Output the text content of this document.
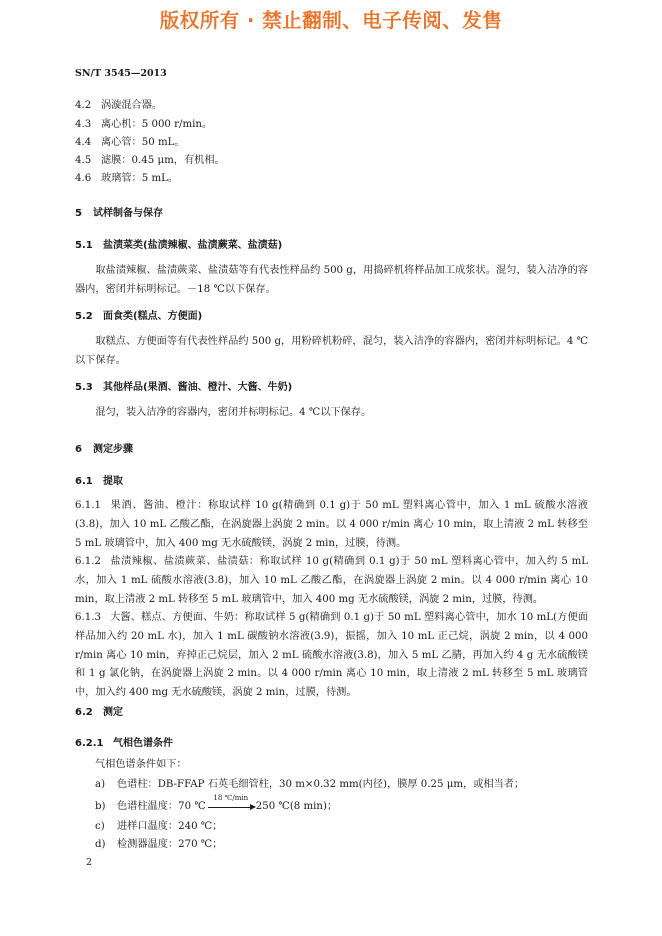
版权所有 · 禁止翻制、电子传阅、发售
SN/T 3545—2013
4.2 涡漩混合器。
4.3 离心机：5 000 r/min。
4.4 离心管：50 mL。
4.5 滤膜：0.45 μm，有机相。
4.6 玻璃管：5 mL。
5 试样制备与保存
5.1 盐渍菜类(盐渍辣椒、盐渍蕨菜、盐渍菇)

取盐渍辣椒、盐渍蕨菜、盐渍菇等有代表性样品约 500 g，用捣碎机将样品加工成浆状。混匀，装入洁净的容器内，密闭并标明标记。－18 ℃以下保存。

5.2 面食类(糕点、方便面)

取糕点、方便面等有代表性样品约 500 g，用粉碎机粉碎，混匀，装入洁净的容器内，密闭并标明标记。4 ℃以下保存。

5.3 其他样品(果酒、酱油、橙汁、大酱、牛奶)

混匀，装入洁净的容器内，密闭并标明标记。4 ℃以下保存。

6 测定步骤
6.1 提取

6.1.1 果酒、酱油、橙汁：称取试样 10 g(精确到 0.1 g)于 50 mL 塑料离心管中，加入 1 mL 硫酸水溶液(3.8)，加入 10 mL 乙酸乙酯，在涡旋器上涡旋 2 min。以 4 000 r/min 离心 10 min，取上清液 2 mL 转移至 5 mL 玻璃管中，加入 400 mg 无水硫酸镁，涡旋 2 min，过膜，待测。

6.1.2 盐渍辣椒、盐渍蕨菜、盐渍菇：称取试样 10 g(精确到 0.1 g)于 50 mL 塑料离心管中，加入约 5 mL 水，加入 1 mL 硫酸水溶液(3.8)，加入 10 mL 乙酸乙酯，在涡旋器上涡旋 2 min。以 4 000 r/min 离心 10 min，取上清液 2 mL 转移至 5 mL 玻璃管中，加入 400 mg 无水硫酸镁，涡旋 2 min，过膜，待测。

6.1.3 大酱、糕点、方便面、牛奶：称取试样 5 g(精确到 0.1 g)于 50 mL 塑料离心管中，加水 10 mL(方便面样品加入约 20 mL 水)，加入 1 mL 碳酸钠水溶液(3.9)，振摇，加入 10 mL 正己烷，涡旋 2 min，以 4 000 r/min 离心 10 min，弃掉正己烷层，加入 2 mL 硫酸水溶液(3.8)，加入 5 mL 乙腈，再加入约 4 g 无水硫酸镁和 1 g 氯化钠，在涡旋器上涡旋 2 min。以 4 000 r/min 离心 10 min，取上清液 2 mL 转移至 5 mL 玻璃管中，加入约 400 mg 无水硫酸镁，涡旋 2 min，过膜，待测。

6.2 测定
6.2.1 气相色谱条件
气相色谱条件如下：
a) 色谱柱：DB-FFAP 石英毛细管柱，30 m×0.32 mm(内径)，膜厚 0.25 μm，或相当者；
b) 色谱柱温度：70 ℃
18 ℃/min
250 ℃(8 min)；
c) 进样口温度：240 ℃；
d) 检测器温度：270 ℃；
2
